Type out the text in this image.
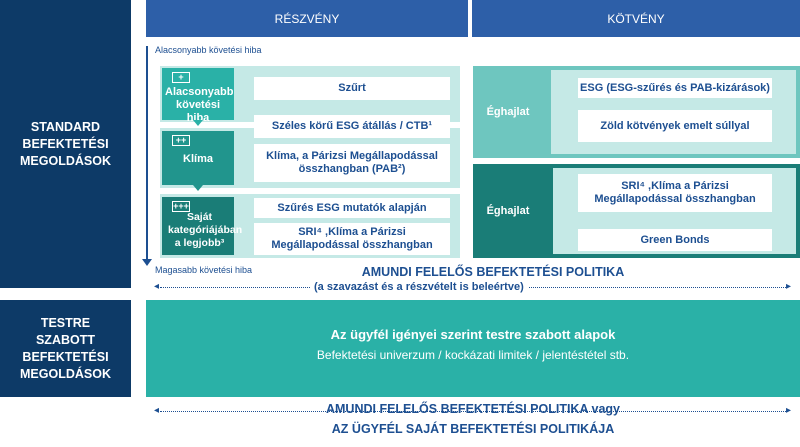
RÉSZVÉNY	KÖTVÉNY
STANDARD
BEFEKTETÉSI
MEGOLDÁSOK
TESTRE
SZABOTT
BEFEKTETÉSI
MEGOLDÁSOK
Alacsonyabb követési hiba
Magasabb követési hiba
+
Alacsonyabb követési hiba
++
Klíma
+++
Saját kategóriájában a legjobb³
Szűrt
Széles körű ESG átállás / CTB¹
Klíma, a Párizsi Megállapodással összhangban (PAB²)
Szűrés ESG mutatók alapján
SRI⁴ ,Klíma a Párizsi Megállapodással összhangban
Éghajlat
ESG (ESG-szűrés és PAB-kizárások)
Zöld kötvények emelt súllyal
Éghajlat
SRI⁴ ,Klíma a Párizsi Megállapodással összhangban
Green Bonds
AMUNDI FELELŐS BEFEKTETÉSI POLITIKA
◂	▸
(a szavazást és a részvételt is beleértve)
Az ügyfél igényei szerint testre szabott alapok
Befektetési univerzum / kockázati limitek / jelentéstétel stb.
AMUNDI FELELŐS BEFEKTETÉSI POLITIKA vagy
◂	▸
AZ ÜGYFÉL SAJÁT BEFEKTETÉSI POLITIKÁJA
